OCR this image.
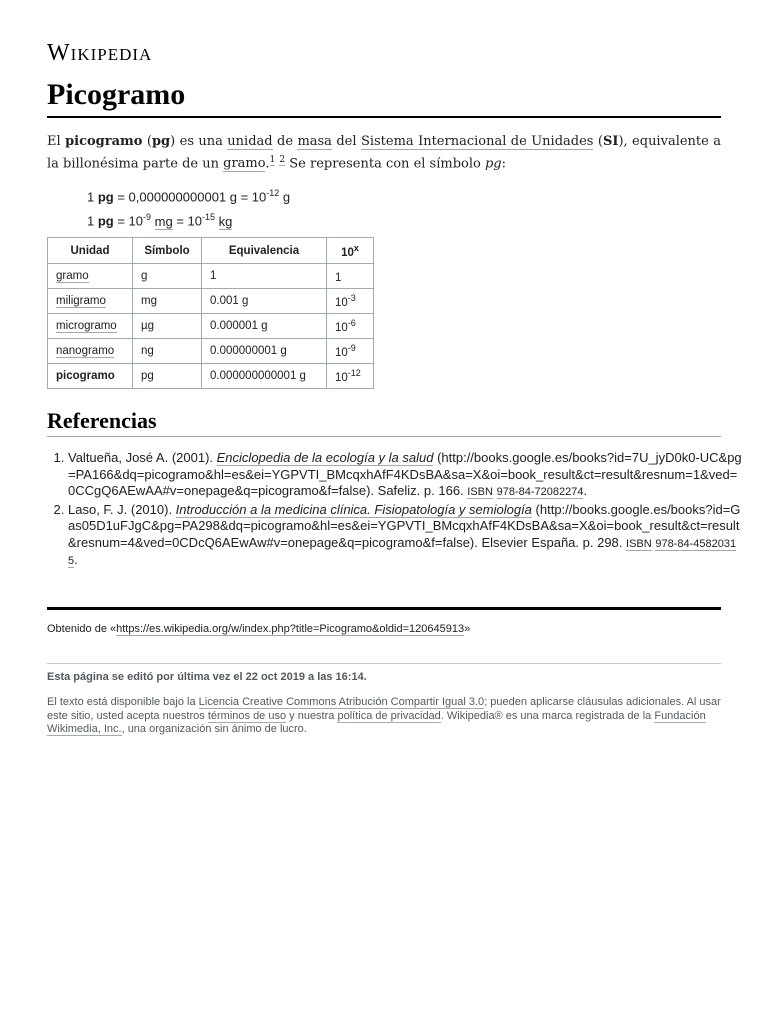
Wikipedia
Picogramo

El picogramo (pg) es una unidad de masa del Sistema Internacional de Unidades (SI), equivalente a la billonésima parte de un gramo.$^1$ $^2$ Se representa con el símbolo pg:

1 pg = 0,000000000001 $g = 10^{-12}$ g
1 pg = $10^{-9}$ mg = $10^{-15}$ kg
Unidad	Símbolo	Equivalencia	10$^x$
gramo	g	1	1
miligramo	mg	0.001 g	$10^{-3}$
microgramo	µg	0.000001 g	$10^{-6}$
nanogramo	ng	0.000000001 g	$10^{-9}$
picogramo	pg	0.000000000001 g	$10^{-12}$
Referencias
1. Valtueña, José A. (2001). Enciclopedia de la ecología y la salud (http://books.google.es/books?id=7U_jyD0k0-UC&pg=PA166&dq=picogramo&hl=es&ei=YGPVTI_BMcqxhAfF4KDsBA&sa=X&oi=book_result&ct=result&resnum=1&ved=0CCgQ6AEwAA#v=onepage&q=picogramo&f=false). Safeliz. p. 166. ISBN 978-84-72082274.
2. Laso, F. J. (2010). Introducción a la medicina clínica. Fisiopatología y semiología (http://books.google.es/books?id=Gas05D1uFJgC&pg=PA298&dq=picogramo&hl=es&ei=YGPVTI_BMcqxhAfF4KDsBA&sa=X&oi=book_result&ct=result&resnum=4&ved=0CDcQ6AEwAw#v=onepage&q=picogramo&f=false). Elsevier España. p. 298. ISBN 978-84-45820315.
Obtenido de «https://es.wikipedia.org/w/index.php?title=Picogramo&oldid=120645913»
Esta página se editó por última vez el 22 oct 2019 a las 16:14.
El texto está disponible bajo la Licencia Creative Commons Atribución Compartir Igual 3.0; pueden aplicarse cláusulas adicionales. Al usar este sitio, usted acepta nuestros términos de uso y nuestra política de privacidad. Wikipedia® es una marca registrada de la Fundación Wikimedia, Inc., una organización sin ánimo de lucro.
